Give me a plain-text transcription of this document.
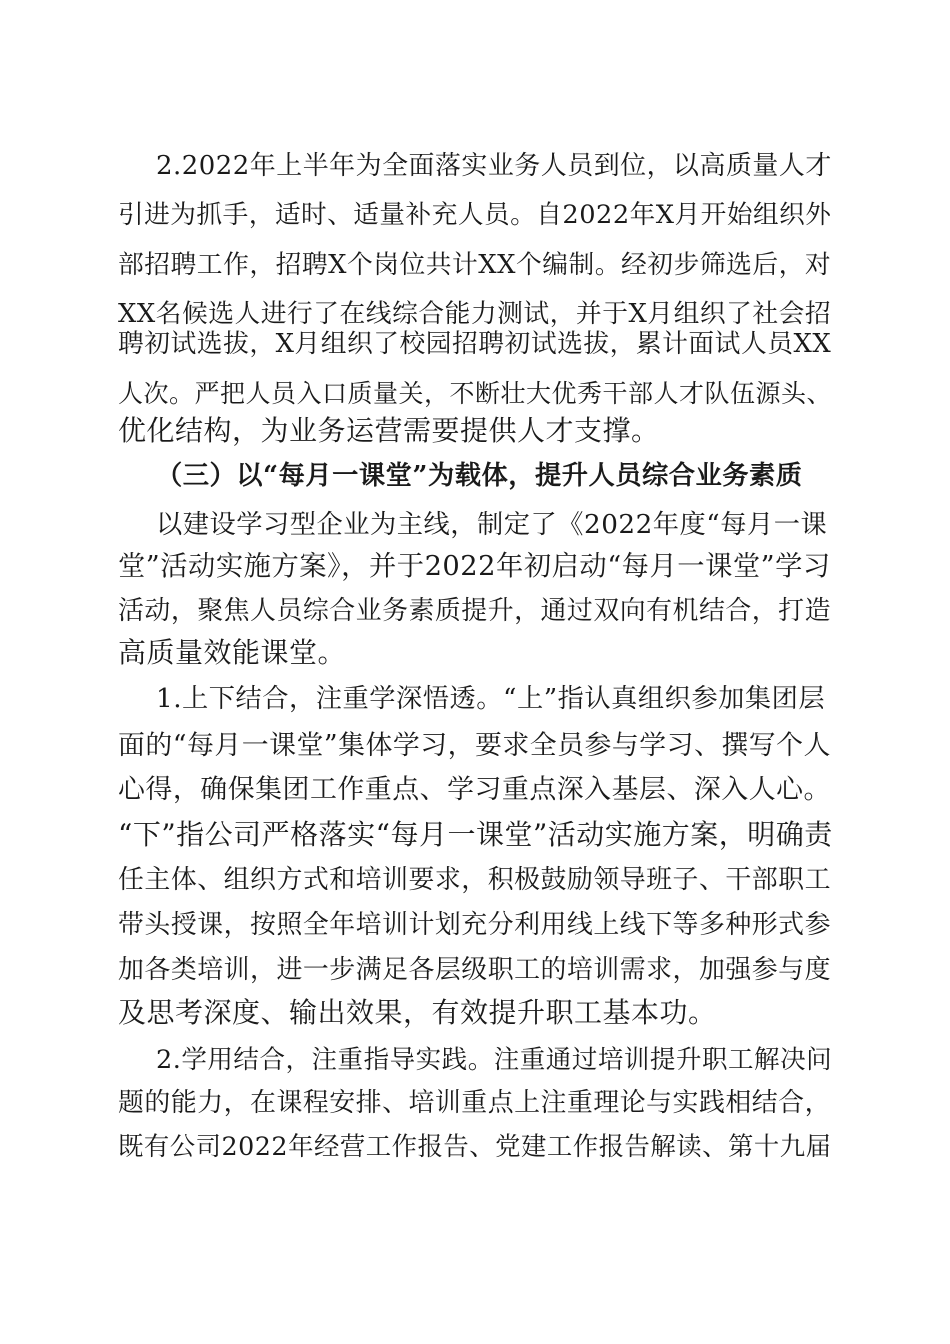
2.2022年上半年为全面落实业务人员到位，以高质量人才
引进为抓手，适时、适量补充人员。自2022年X月开始组织外
部招聘工作，招聘X个岗位共计XX个编制。经初步筛选后，对
XX名候选人进行了在线综合能力测试，并于X月组织了社会招
聘初试选拔，X月组织了校园招聘初试选拔，累计面试人员XX
人次。严把人员入口质量关，不断壮大优秀干部人才队伍源头、
优化结构，为业务运营需要提供人才支撑。
（三）以“每月一课堂”为载体，提升人员综合业务素质
以建设学习型企业为主线，制定了《2022年度“每月一课
堂”活动实施方案》，并于2022年初启动“每月一课堂”学习
活动，聚焦人员综合业务素质提升，通过双向有机结合，打造
高质量效能课堂。
1.上下结合，注重学深悟透。“上”指认真组织参加集团层
面的“每月一课堂”集体学习，要求全员参与学习、撰写个人
心得，确保集团工作重点、学习重点深入基层、深入人心。
“下”指公司严格落实“每月一课堂”活动实施方案，明确责
任主体、组织方式和培训要求，积极鼓励领导班子、干部职工
带头授课，按照全年培训计划充分利用线上线下等多种形式参
加各类培训，进一步满足各层级职工的培训需求，加强参与度
及思考深度、输出效果，有效提升职工基本功。
2.学用结合，注重指导实践。注重通过培训提升职工解决问
题的能力，在课程安排、培训重点上注重理论与实践相结合，
既有公司2022年经营工作报告、党建工作报告解读、第十九届
